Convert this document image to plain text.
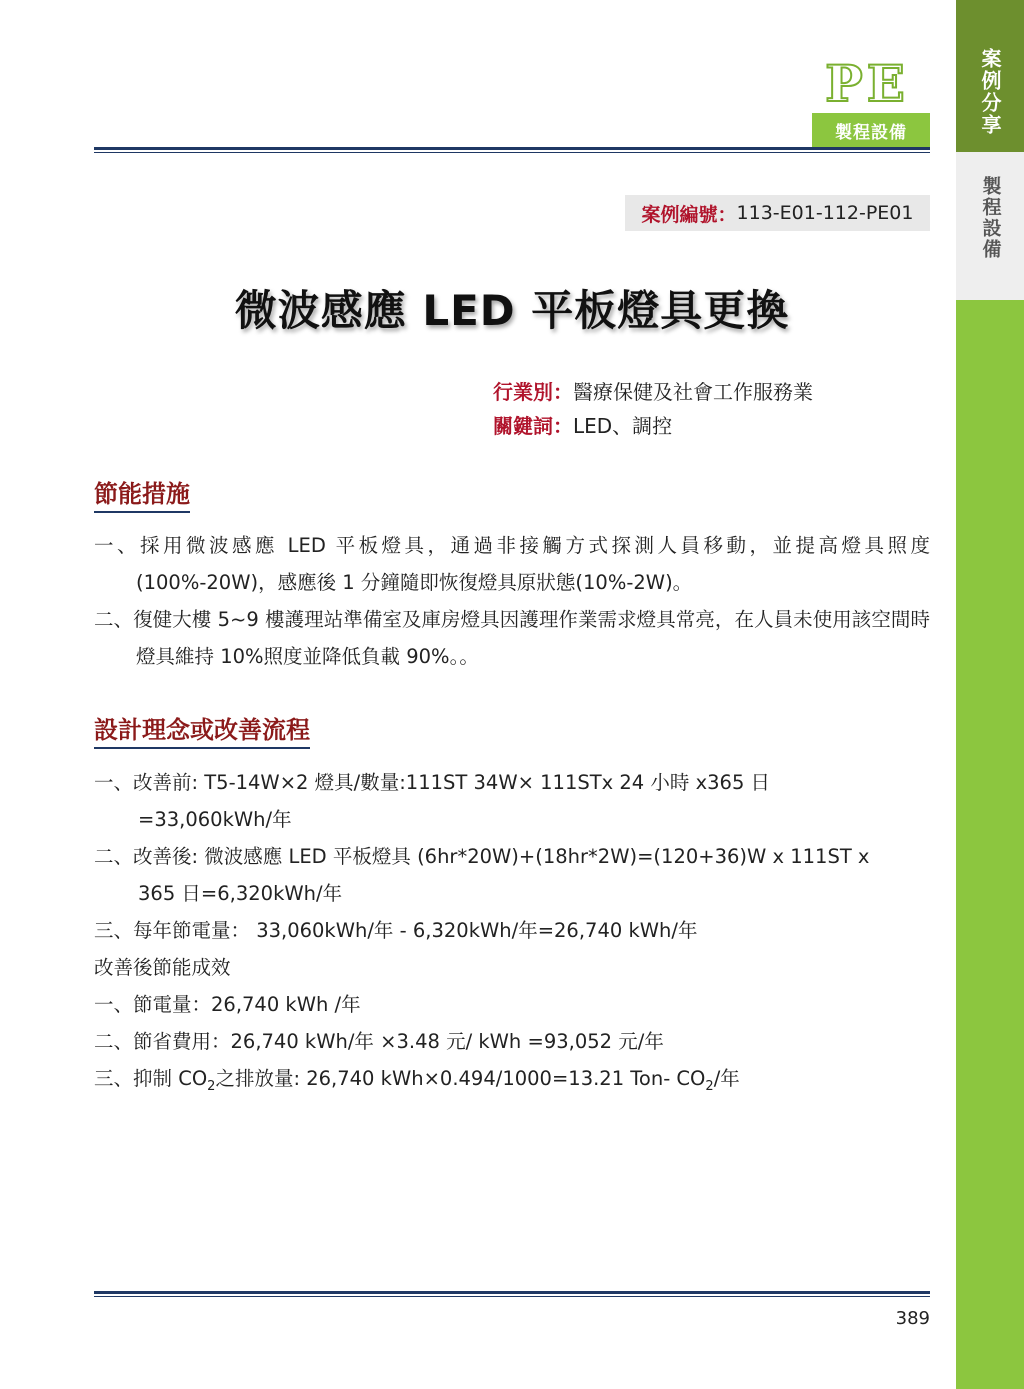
案例分享
製程設備
PE
製程設備
案例編號： 113-E01-112-PE01
微波感應 LED 平板燈具更換
行業別：醫療保健及社會工作服務業
關鍵詞：LED、調控
節能措施
一、採用微波感應 LED 平板燈具，通過非接觸方式探測人員移動，並提高燈具照度(100%-20W)，感應後 1 分鐘隨即恢復燈具原狀態(10%-2W)。
二、復健大樓 5~9 樓護理站準備室及庫房燈具因護理作業需求燈具常亮，在人員未使用該空間時燈具維持 10%照度並降低負載 90%。。
設計理念或改善流程
一、改善前: T5-14W×2 燈具/數量:111ST 34W× 111STx 24 小時 x365 日
=33,060kWh/年
二、改善後: 微波感應 LED 平板燈具 (6hr*20W)+(18hr*2W)=(120+36)W x 111ST x
365 日=6,320kWh/年
三、每年節電量： 33,060kWh/年 - 6,320kWh/年=26,740 kWh/年
改善後節能成效
一、節電量：26,740 kWh /年
二、節省費用：26,740 kWh/年 ×3.48 元/ kWh =93,052 元/年
三、抑制 $CO_2$之排放量: 26,740 kWh×0.494/1000=13.21 Ton- $CO_2/$年
389
